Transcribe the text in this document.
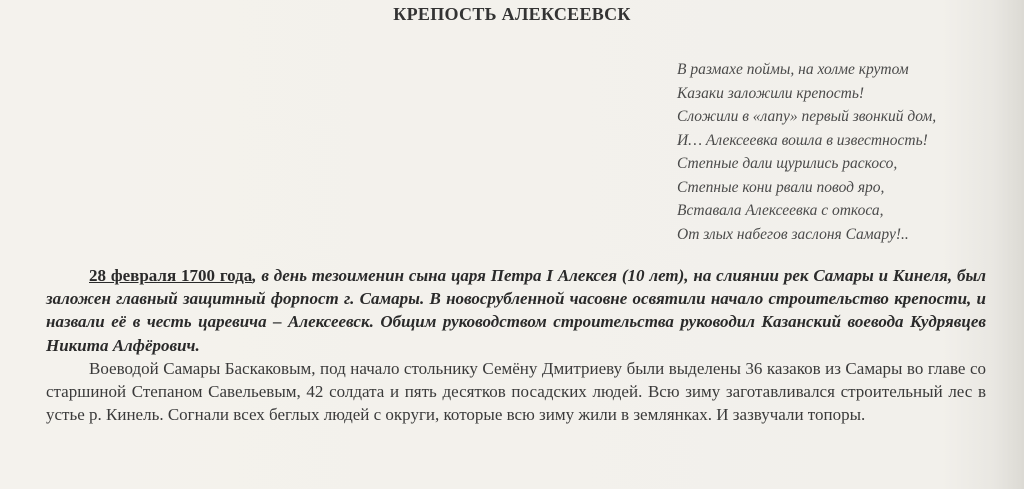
КРЕПОСТЬ АЛЕКСЕЕВСК
В размахе поймы, на холме крутом
Казаки заложили крепость!
Сложили в «лапу» первый звонкий дом,
И… Алексеевка вошла в известность!
Степные дали щурились раскосо,
Степные кони рвали повод яро,
Вставала Алексеевка с откоса,
От злых набегов заслоня Самару!..

28 февраля 1700 года, в день тезоименин сына царя Петра I Алексея (10 лет), на слиянии рек Самары и Кинеля, был заложен главный защитный форпост г. Самары. В новосрубленной часовне освятили начало строительство крепости, и назвали её в честь царевича – Алексеевск. Общим руководством строительства руководил Казанский воевода Кудрявцев Никита Алфёрович.

Воеводой Самары Баскаковым, под начало стольнику Семёну Дмитриеву были выделены 36 казаков из Самары во главе со старшиной Степаном Савельевым, 42 солдата и пять десятков посадских людей. Всю зиму заготавливался строительный лес в устье р. Кинель. Согнали всех беглых людей с округи, которые всю зиму жили в землянках. И зазвучали топоры.
